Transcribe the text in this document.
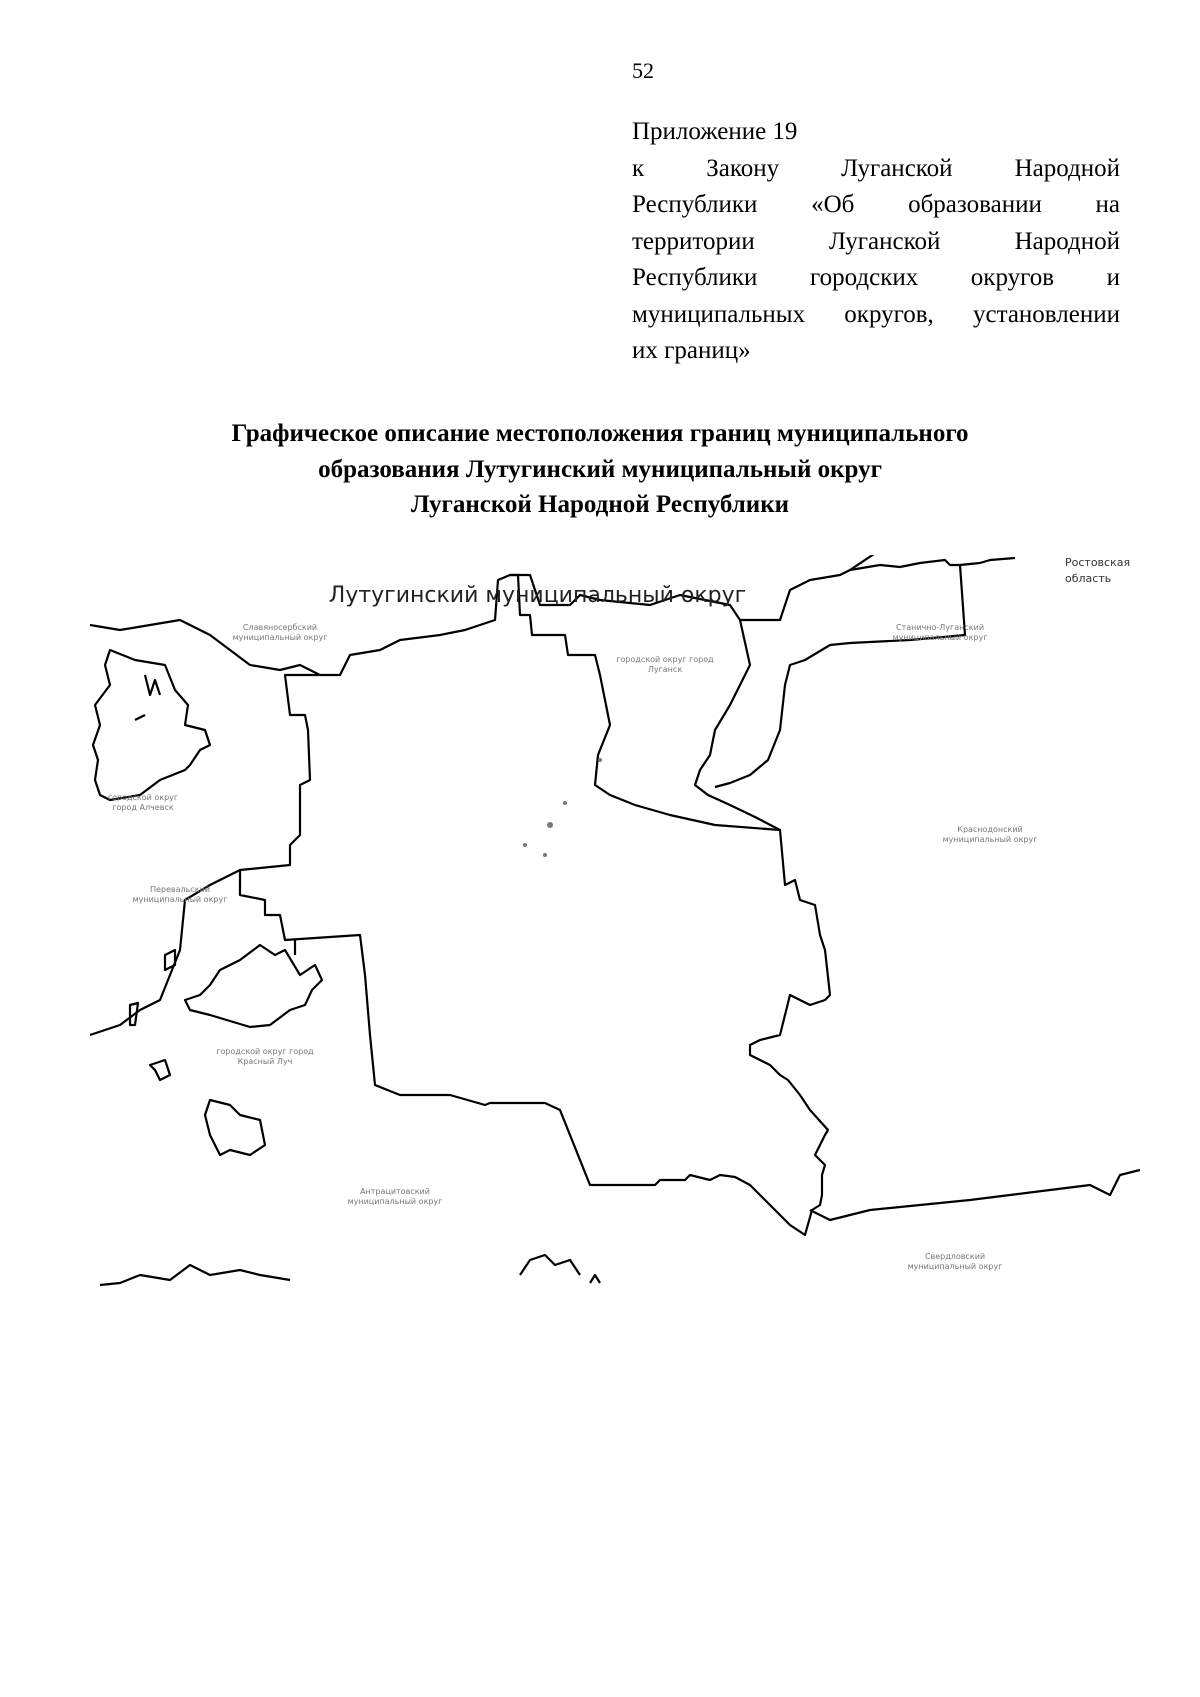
52
Приложение 19
к Закону Луганской Народной
Республики «Об образовании на
территории Луганской Народной
Республики городских округов и
муниципальных округов, установлении
их границ»
Графическое описание местоположения границ муниципального
образования Лутугинский муниципальный округ
Луганской Народной Республики
Лутугинский муниципальный округ
Ростовская область
Славяносербский муниципальный округ
городской округ город Луганск
Станично-Луганский муниципальный округ
городской округ город Алчевск
Краснодонский муниципальный округ
Перевальский муниципальный округ
городской округ город Красный Луч
Антрацитовский муниципальный округ
Свердловский муниципальный округ
